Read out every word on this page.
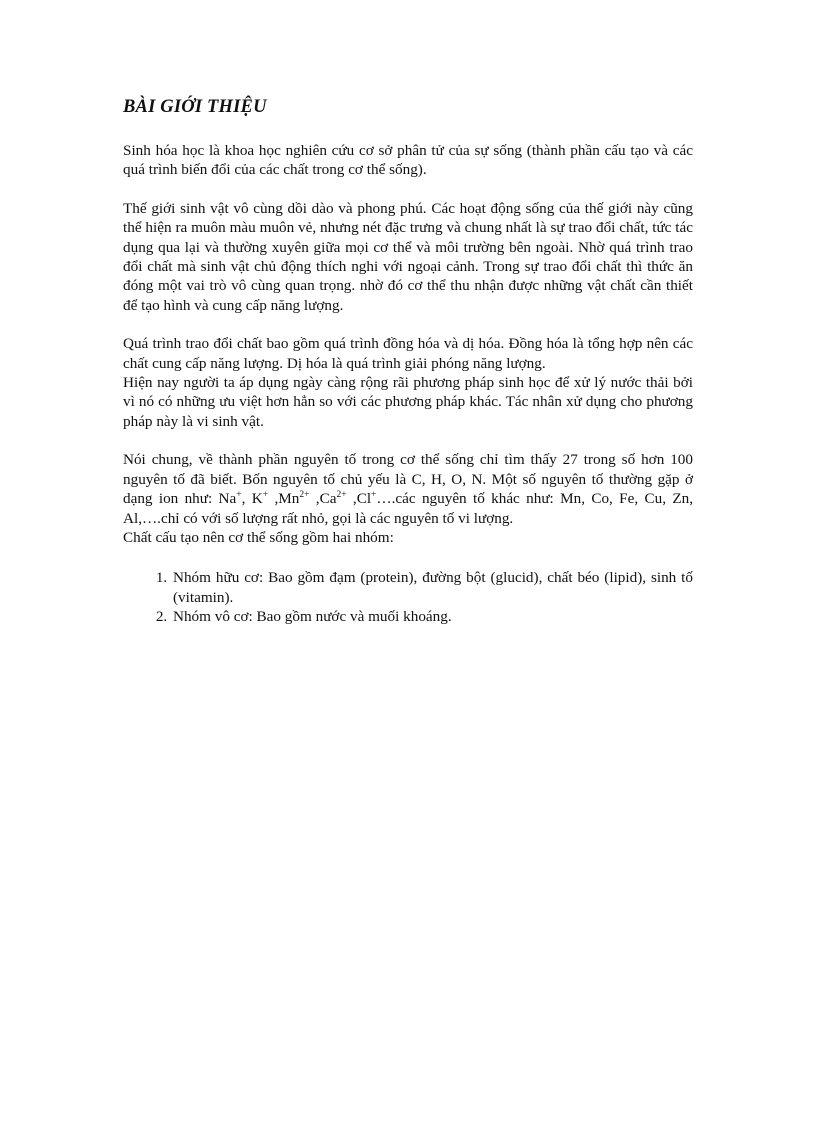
BÀI GIỚI THIỆU

Sinh hóa học là khoa học nghiên cứu cơ sở phân tử của sự sống (thành phần cấu tạo và các quá trình biến đổi của các chất trong cơ thể sống).

Thế giới sinh vật vô cùng dồi dào và phong phú. Các hoạt động sống của thế giới này cũng thể hiện ra muôn màu muôn vẻ, nhưng nét đặc trưng và chung nhất là sự trao đổi chất, tức tác dụng qua lại và thường xuyên giữa mọi cơ thể và môi trường bên ngoài. Nhờ quá trình trao đổi chất mà sinh vật chủ động thích nghi với ngoại cảnh. Trong sự trao đổi chất thì thức ăn đóng một vai trò vô cùng quan trọng. nhờ đó cơ thể thu nhận được những vật chất cần thiết để tạo hình và cung cấp năng lượng.

Quá trình trao đổi chất bao gồm quá trình đồng hóa và dị hóa. Đồng hóa là tổng hợp nên các chất cung cấp năng lượng. Dị hóa là quá trình giải phóng năng lượng.

Hiện nay người ta áp dụng ngày càng rộng rãi phương pháp sinh học để xử lý nước thải bởi vì nó có những ưu việt hơn hẳn so với các phương pháp khác. Tác nhân xử dụng cho phương pháp này là vi sinh vật.

Nói chung, về thành phần nguyên tố trong cơ thể sống chỉ tìm thấy 27 trong số hơn 100 nguyên tố đã biết. Bốn nguyên tố chủ yếu là C, H, O, N. Một số nguyên tố thường gặp ở dạng ion như: Na+, K+ $,Mn^{2+}$ $,Ca^{2+}$ ,Cl+….các nguyên tố khác như: Mn, Co, Fe, Cu, Zn, Al,….chỉ có với số lượng rất nhỏ, gọi là các nguyên tố vi lượng.

Chất cấu tạo nên cơ thể sống gồm hai nhóm:

1. Nhóm hữu cơ: Bao gồm đạm (protein), đường bột (glucid), chất béo (lipid), sinh tố (vitamin).
2. Nhóm vô cơ: Bao gồm nước và muối khoáng.
